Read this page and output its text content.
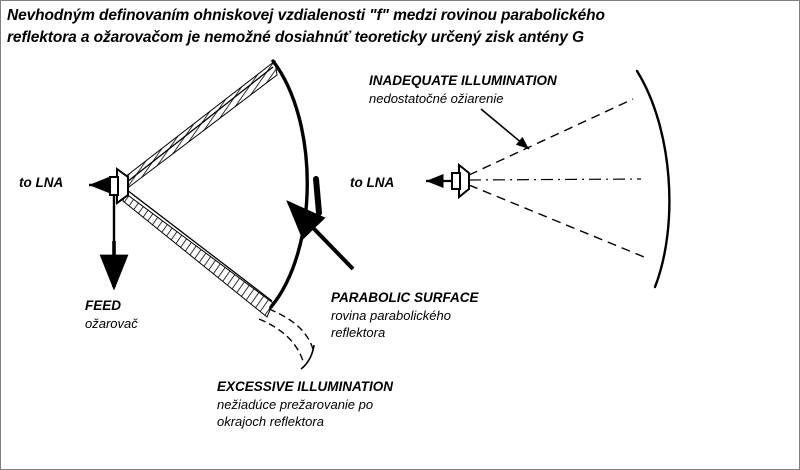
Nevhodným definovaním ohniskovej vzdialenosti "f" medzi rovinou parabolického
reflektora a ožarovačom je nemožné dosiahnúť teoreticky určený zisk antény G
to LNA	to LNA
FEED
ožarovač
PARABOLIC SURFACE
rovina parabolického
reflektora
INADEQUATE ILLUMINATION
nedostatočné ožiarenie
EXCESSIVE ILLUMINATION
nežiadúce prežarovanie po
okrajoch reflektora
